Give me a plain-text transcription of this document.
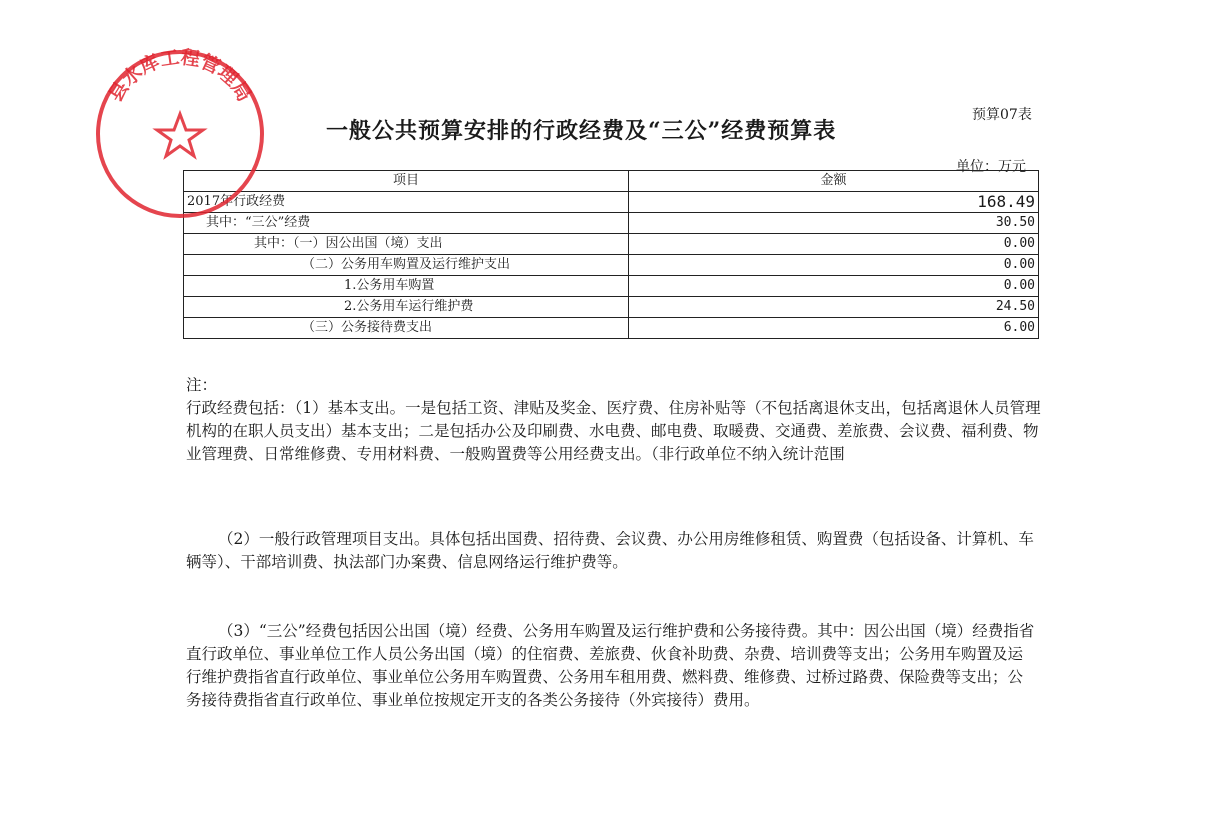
预算07表
一般公共预算安排的行政经费及“三公”经费预算表
单位：万元
项目	金额
2017年行政经费	168.49
其中：“三公”经费	30.50
其中：（一）因公出国（境）支出	0.00
（二）公务用车购置及运行维护支出	0.00
1.公务用车购置	0.00
2.公务用车运行维护费	24.50
（三）公务接待费支出	6.00

注：

行政经费包括：（1）基本支出。一是包括工资、津贴及奖金、医疗费、住房补贴等（不包括离退休支出，包括离退休人员管理机构的在职人员支出）基本支出；二是包括办公及印刷费、水电费、邮电费、取暖费、交通费、差旅费、会议费、福利费、物业管理费、日常维修费、专用材料费、一般购置费等公用经费支出。（非行政单位不纳入统计范围

（2）一般行政管理项目支出。具体包括出国费、招待费、会议费、办公用房维修租赁、购置费（包括设备、计算机、车辆等）、干部培训费、执法部门办案费、信息网络运行维护费等。

（3）“三公”经费包括因公出国（境）经费、公务用车购置及运行维护费和公务接待费。其中：因公出国（境）经费指省直行政单位、事业单位工作人员公务出国（境）的住宿费、差旅费、伙食补助费、杂费、培训费等支出；公务用车购置及运行维护费指省直行政单位、事业单位公务用车购置费、公务用车租用费、燃料费、维修费、过桥过路费、保险费等支出；公务接待费指省直行政单位、事业单位按规定开支的各类公务接待（外宾接待）费用。

县水库工程管理局
